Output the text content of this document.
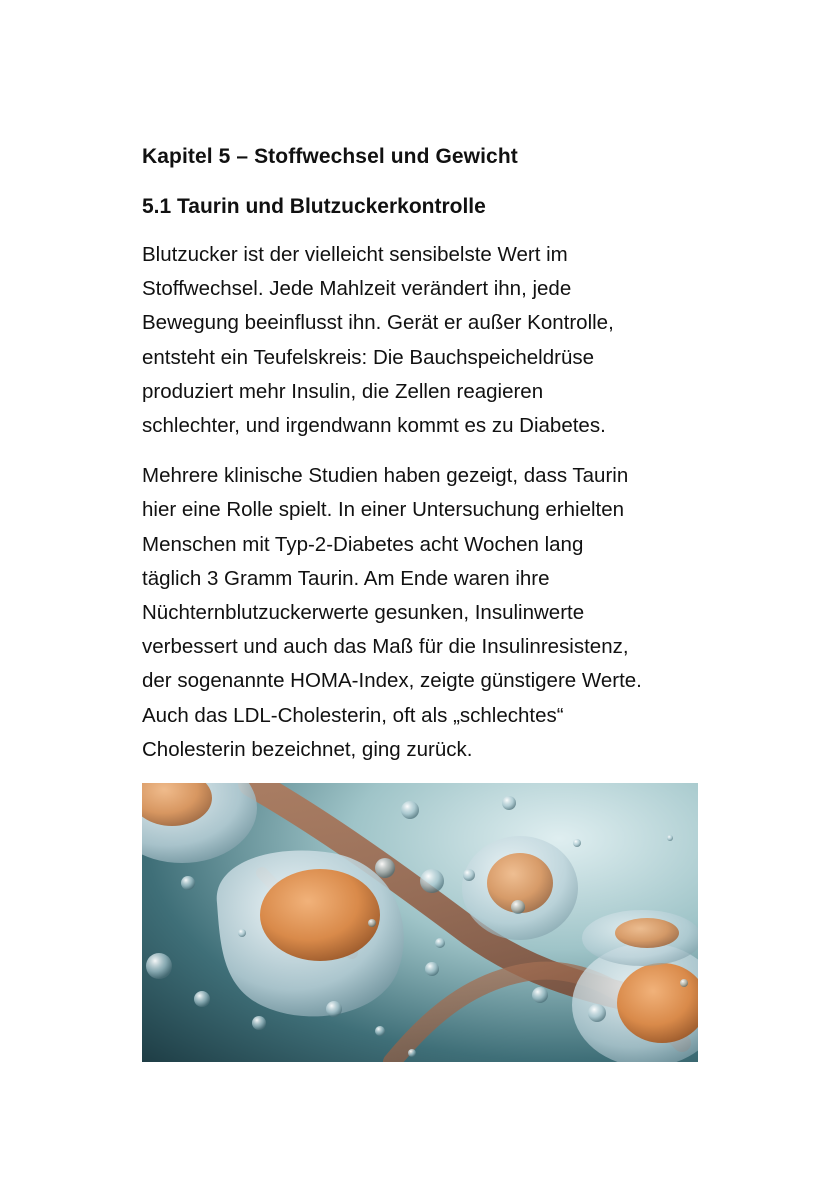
Kapitel 5 – Stoffwechsel und Gewicht
5.1 Taurin und Blutzuckerkontrolle
Blutzucker ist der vielleicht sensibelste Wert im
Stoffwechsel. Jede Mahlzeit verändert ihn, jede
Bewegung beeinflusst ihn. Gerät er außer Kontrolle,
entsteht ein Teufelskreis: Die Bauchspeicheldrüse
produziert mehr Insulin, die Zellen reagieren
schlechter, und irgendwann kommt es zu Diabetes.
Mehrere klinische Studien haben gezeigt, dass Taurin
hier eine Rolle spielt. In einer Untersuchung erhielten
Menschen mit Typ-2-Diabetes acht Wochen lang
täglich 3 Gramm Taurin. Am Ende waren ihre
Nüchternblutzuckerwerte gesunken, Insulinwerte
verbessert und auch das Maß für die Insulinresistenz,
der sogenannte HOMA-Index, zeigte günstigere Werte.
Auch das LDL-Cholesterin, oft als „schlechtes“
Cholesterin bezeichnet, ging zurück.
